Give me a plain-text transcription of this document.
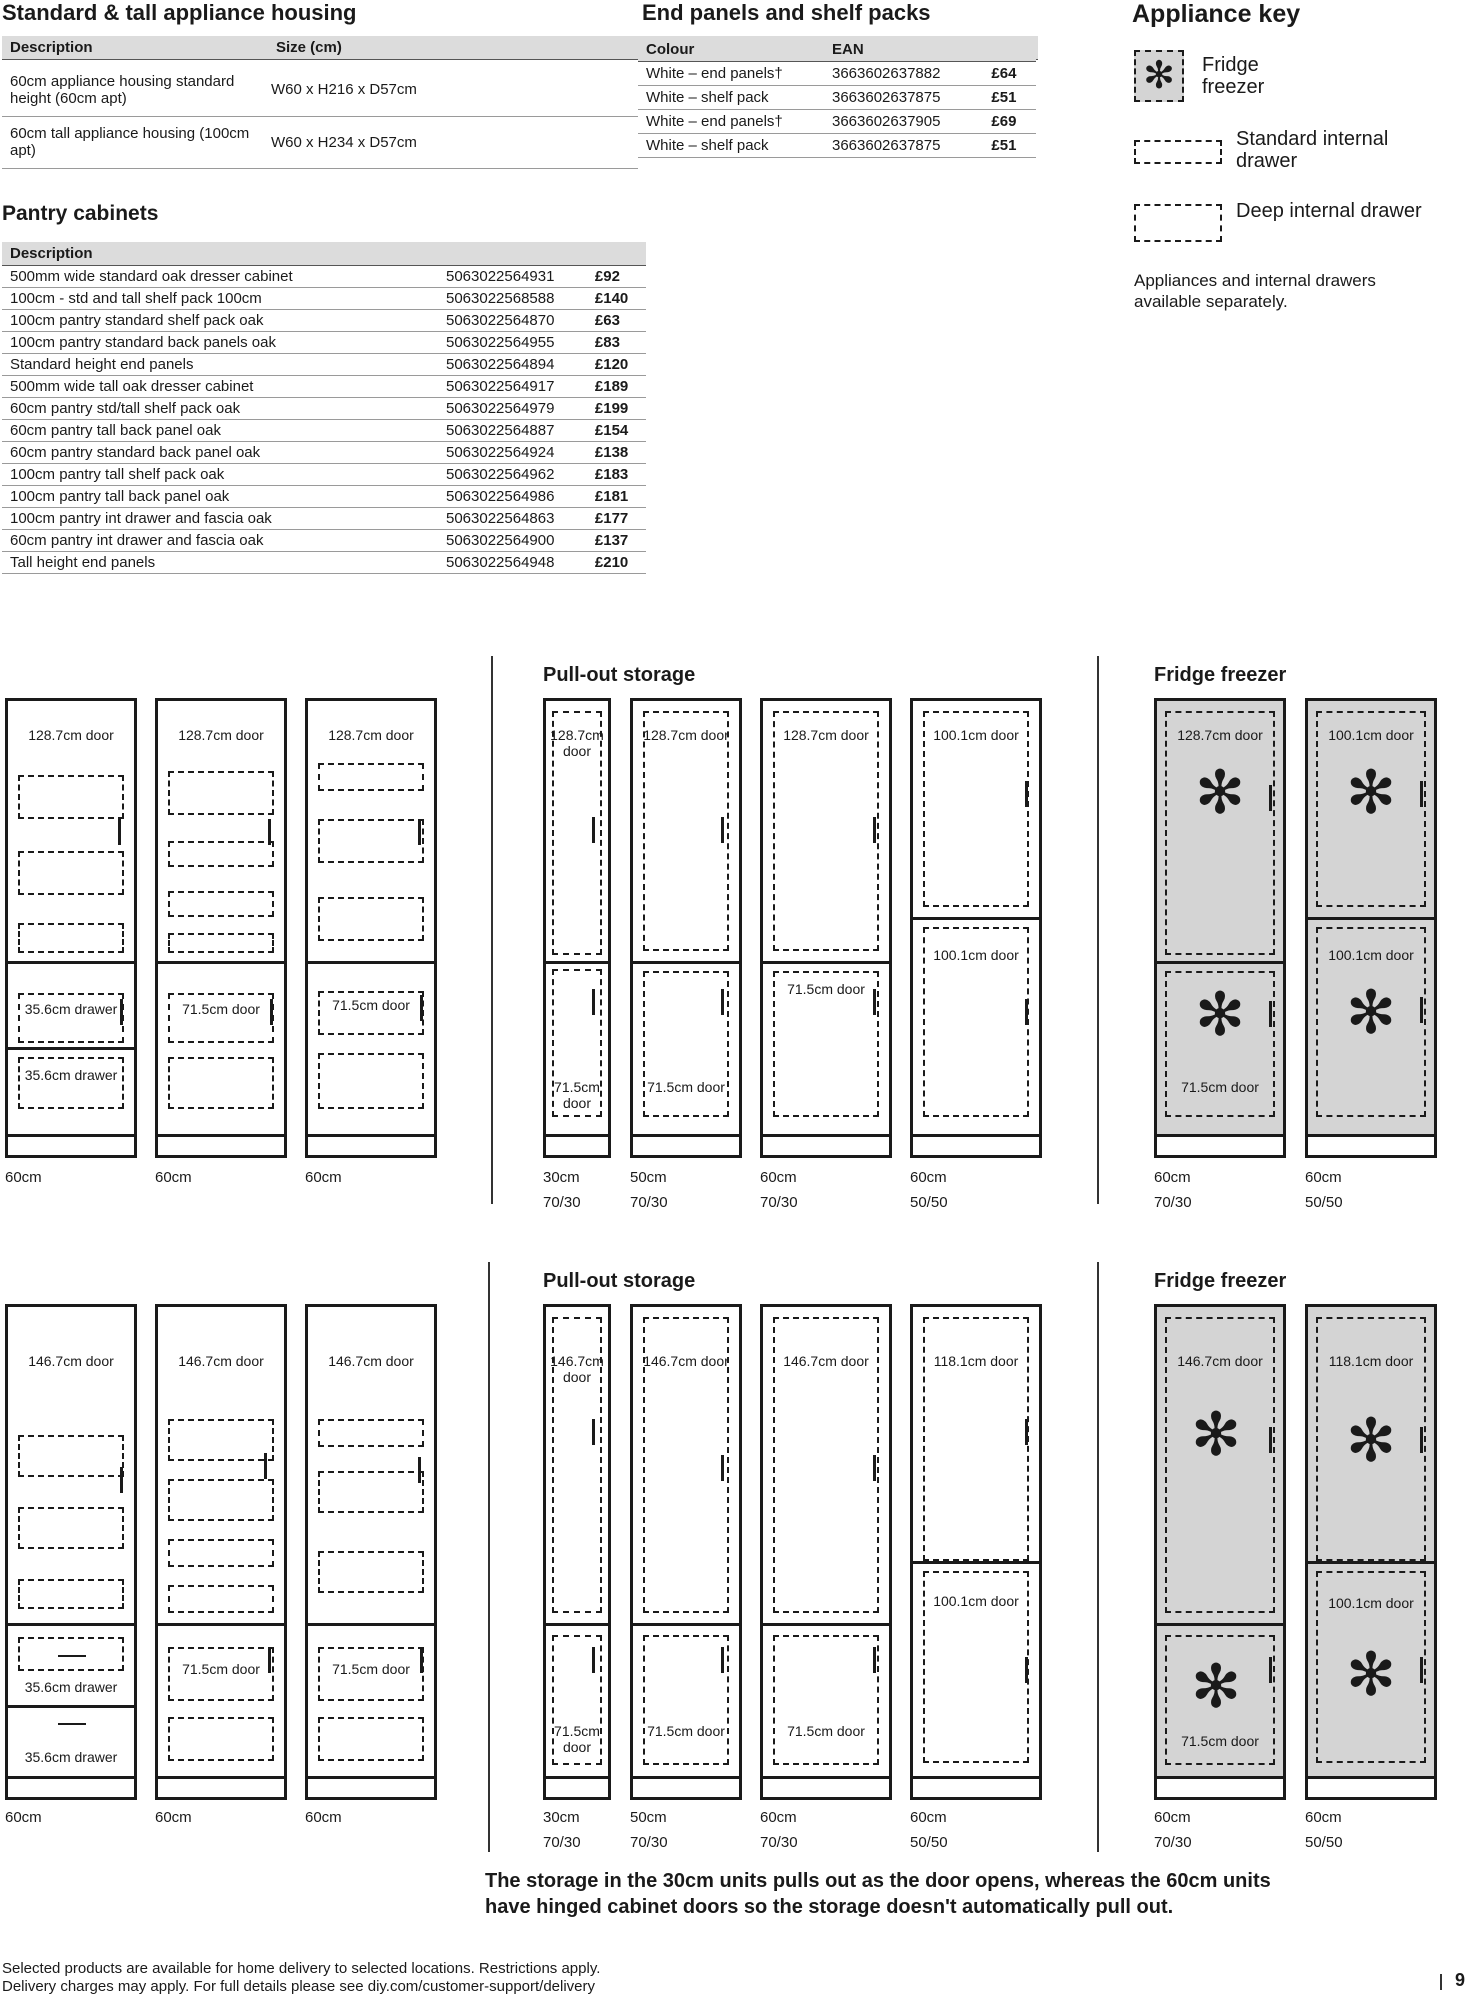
Standard & tall appliance housing
Description	Size (cm)	
60cm appliance housing standard height (60cm apt)	W60 x H216 x D57cm
60cm tall appliance housing (100cm apt)	W60 x H234 x D57cm
End panels and shelf packs
Colour	EAN	
White – end panels†	3663602637882	£64
White – shelf pack	3663602637875	£51
White – end panels†	3663602637905	£69
White – shelf pack	3663602637875	£51
Appliance key
✻	Fridge freezer
Standard internal drawer
Deep internal drawer
Appliances and internal drawers available separately.
Pantry cabinets
Description		
500mm wide standard oak dresser cabinet	5063022564931	£92
100cm - std and tall shelf pack 100cm	5063022568588	£140
100cm pantry standard shelf pack oak	5063022564870	£63
100cm pantry standard back panels oak	5063022564955	£83
Standard height end panels	5063022564894	£120
500mm wide tall oak dresser cabinet	5063022564917	£189
60cm pantry std/tall shelf pack oak	5063022564979	£199
60cm pantry tall back panel oak	5063022564887	£154
60cm pantry standard back panel oak	5063022564924	£138
100cm pantry tall shelf pack oak	5063022564962	£183
100cm pantry tall back panel oak	5063022564986	£181
100cm pantry int drawer and fascia oak	5063022564863	£177
60cm pantry int drawer and fascia oak	5063022564900	£137
Tall height end panels	5063022564948	£210
Pull-out storage	Fridge freezer
Pull-out storage	Fridge freezer
128.7cm door
35.6cm drawer
35.6cm drawer
128.7cm door
71.5cm door
128.7cm door
71.5cm door
128.7cm door
71.5cm door
128.7cm door
71.5cm door
128.7cm door
71.5cm door
100.1cm door
100.1cm door
128.7cm door
✻
✻
71.5cm door
100.1cm door
✻
100.1cm door
✻
60cm	60cm	60cm	30cm
70/30
50cm
70/30
60cm
70/30
60cm
50/50
60cm
70/30
60cm
50/50
146.7cm door
35.6cm drawer
35.6cm drawer
146.7cm door
71.5cm door
146.7cm door
71.5cm door
146.7cm door
71.5cm door
146.7cm door
71.5cm door
146.7cm door
71.5cm door
118.1cm door
100.1cm door
146.7cm door
✻
✻
71.5cm door
118.1cm door
✻
100.1cm door
✻
60cm	60cm	60cm	30cm
70/30
50cm
70/30
60cm
70/30
60cm
50/50
60cm
70/30
60cm
50/50
The storage in the 30cm units pulls out as the door opens, whereas the 60cm units have hinged cabinet doors so the storage doesn't automatically pull out.
Selected products are available for home delivery to selected locations. Restrictions apply.
Delivery charges may apply. For full details please see diy.com/customer-support/delivery	9
